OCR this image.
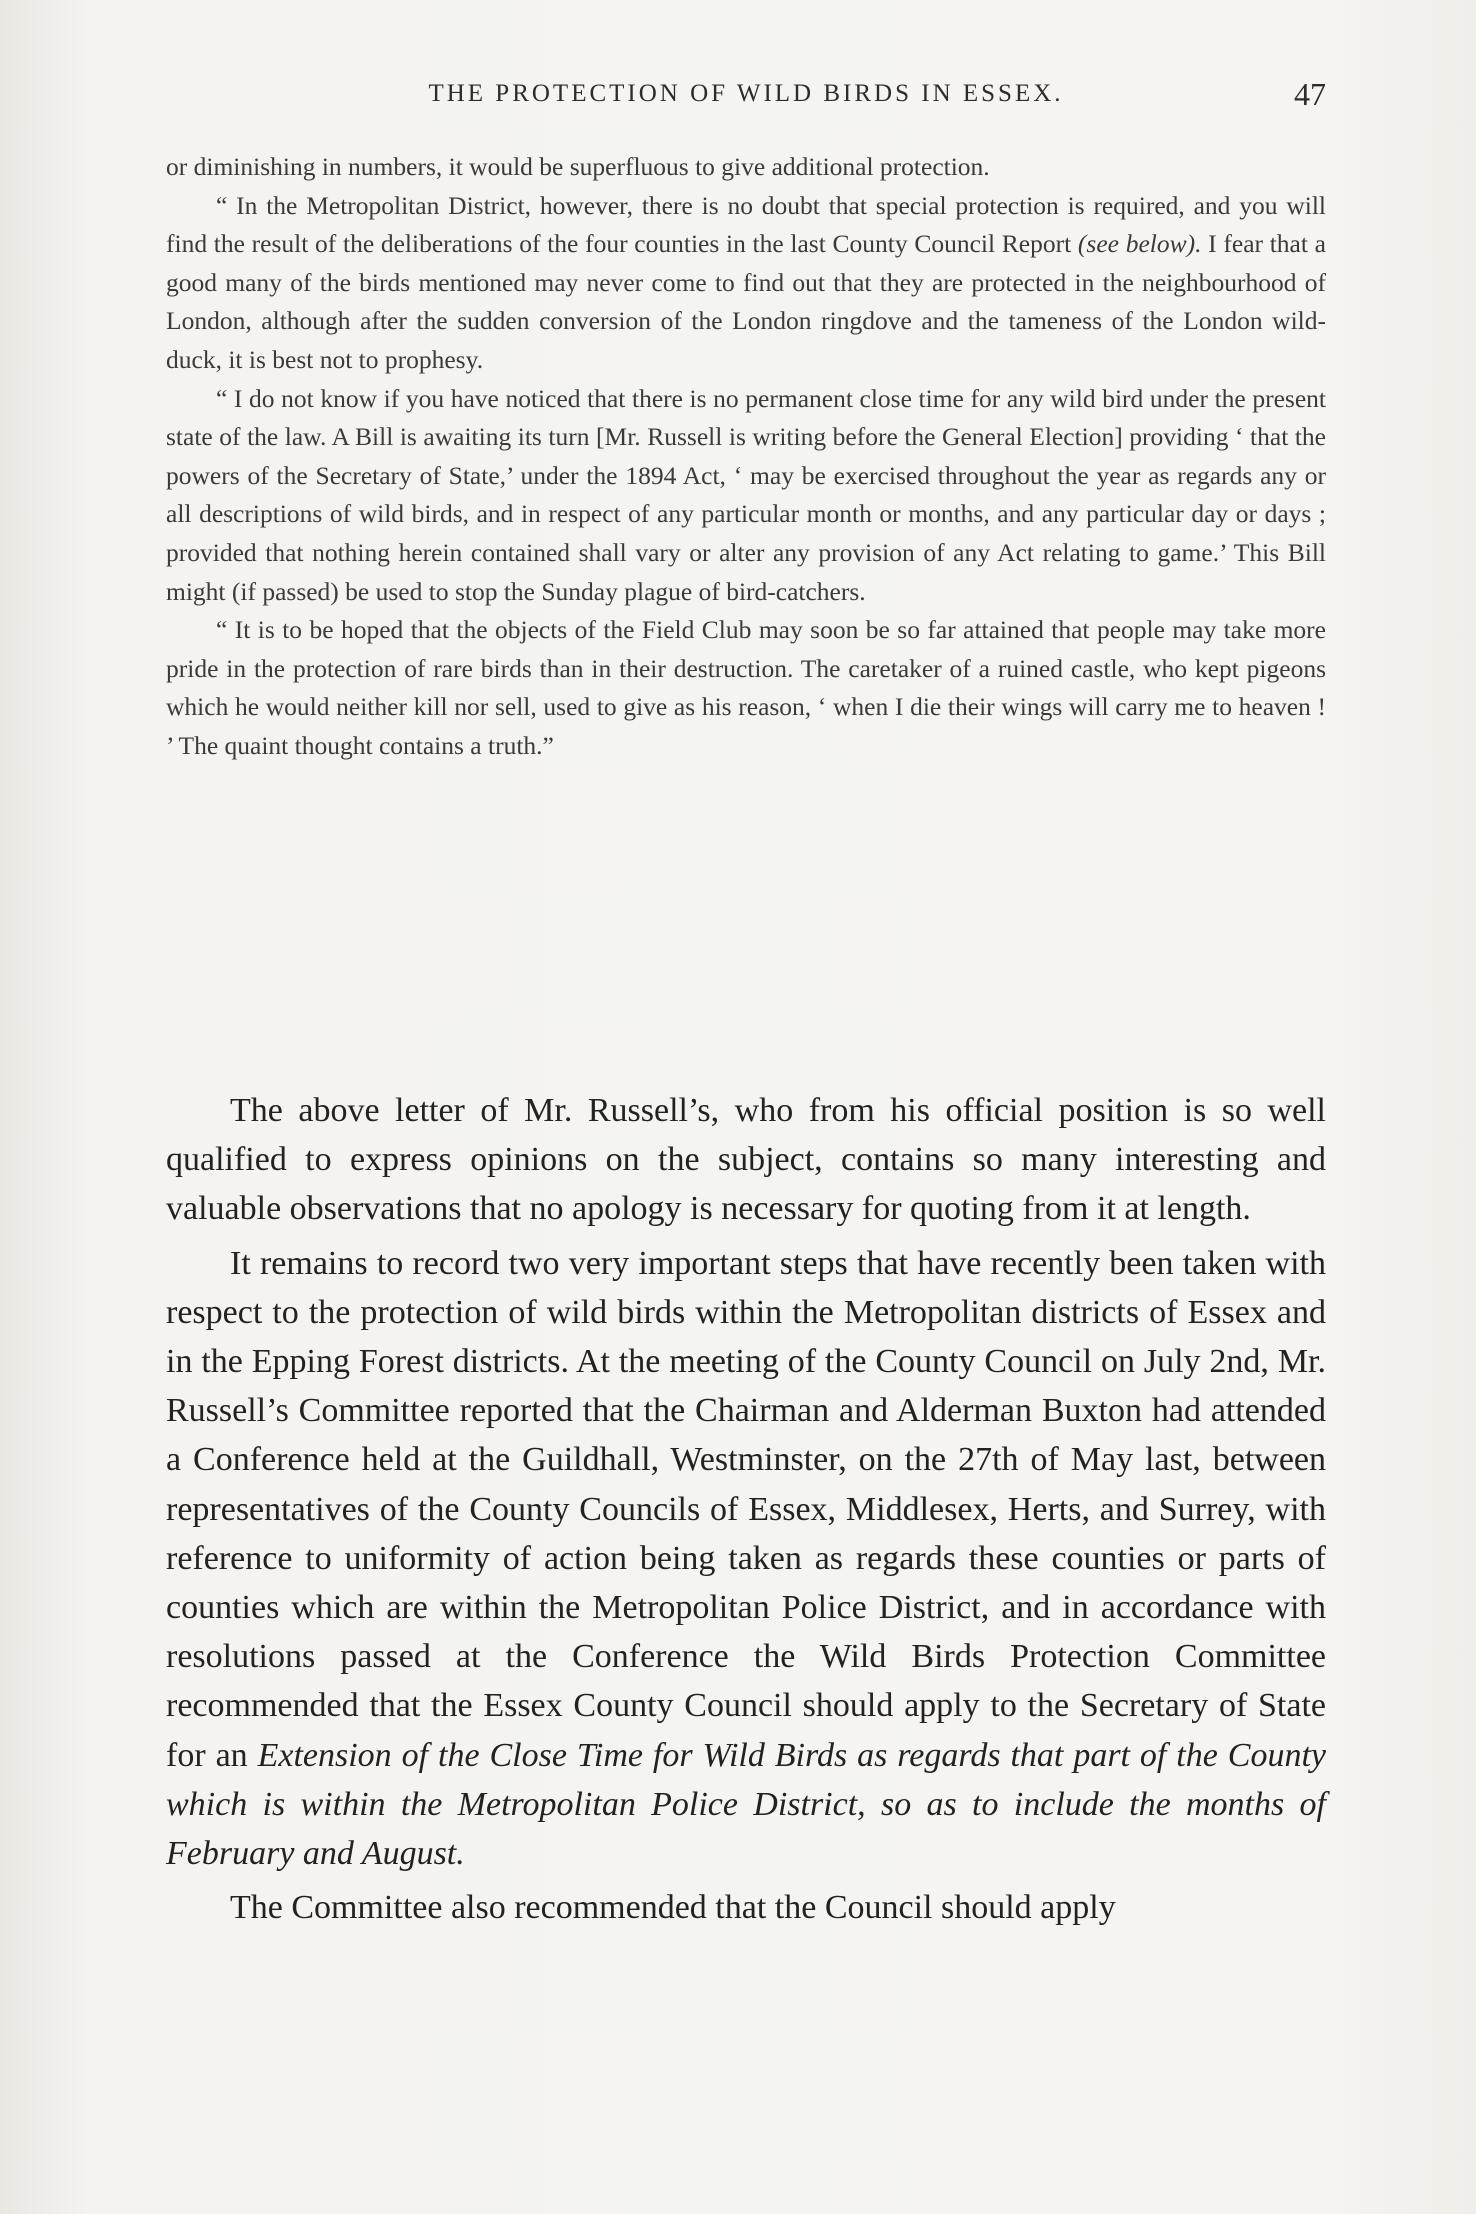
THE PROTECTION OF WILD BIRDS IN ESSEX.	47

or diminishing in numbers, it would be superfluous to give additional protection.

“ In the Metropolitan District, however, there is no doubt that special protection is required, and you will find the result of the deliberations of the four counties in the last County Council Report (see below). I fear that a good many of the birds mentioned may never come to find out that they are protected in the neighbourhood of London, although after the sudden conversion of the London ringdove and the tameness of the London wild-duck, it is best not to prophesy.

“ I do not know if you have noticed that there is no permanent close time for any wild bird under the present state of the law. A Bill is awaiting its turn [Mr. Russell is writing before the General Election] providing ‘ that the powers of the Secretary of State,’ under the 1894 Act, ‘ may be exercised throughout the year as regards any or all descriptions of wild birds, and in respect of any particular month or months, and any particular day or days ; provided that nothing herein contained shall vary or alter any provision of any Act relating to game.’ This Bill might (if passed) be used to stop the Sunday plague of bird-catchers.

“ It is to be hoped that the objects of the Field Club may soon be so far attained that people may take more pride in the protection of rare birds than in their destruction. The caretaker of a ruined castle, who kept pigeons which he would neither kill nor sell, used to give as his reason, ‘ when I die their wings will carry me to heaven ! ’ The quaint thought contains a truth.”

The above letter of Mr. Russell’s, who from his official position is so well qualified to express opinions on the subject, contains so many interesting and valuable observations that no apology is necessary for quoting from it at length.

It remains to record two very important steps that have recently been taken with respect to the protection of wild birds within the Metropolitan districts of Essex and in the Epping Forest districts. At the meeting of the County Council on July 2nd, Mr. Russell’s Committee reported that the Chairman and Alderman Buxton had attended a Conference held at the Guildhall, Westminster, on the 27th of May last, between representatives of the County Councils of Essex, Middlesex, Herts, and Surrey, with reference to uniformity of action being taken as regards these counties or parts of counties which are within the Metropolitan Police District, and in accordance with resolutions passed at the Conference the Wild Birds Protection Committee recommended that the Essex County Council should apply to the Secretary of State for an Extension of the Close Time for Wild Birds as regards that part of the County which is within the Metropolitan Police District, so as to include the months of February and August.

The Committee also recommended that the Council should apply
